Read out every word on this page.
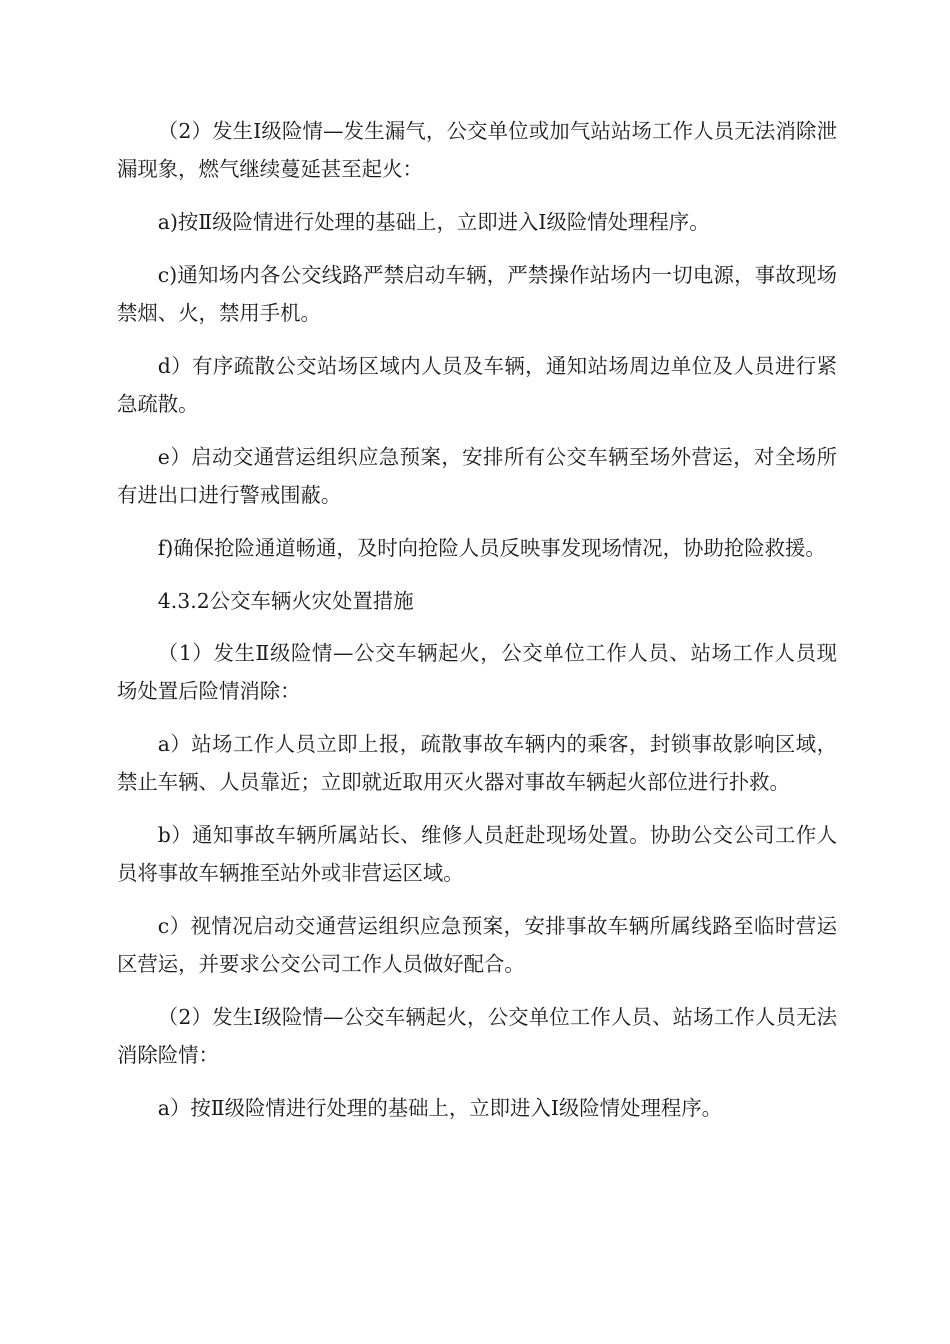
（2）发生Ⅰ级险情—发生漏气，公交单位或加气站站场工作人员无法消除泄漏现象，燃气继续蔓延甚至起火：

a)按Ⅱ级险情进行处理的基础上，立即进入Ⅰ级险情处理程序。

c)通知场内各公交线路严禁启动车辆，严禁操作站场内一切电源，事故现场禁烟、火，禁用手机。

d）有序疏散公交站场区域内人员及车辆，通知站场周边单位及人员进行紧急疏散。

e）启动交通营运组织应急预案，安排所有公交车辆至场外营运，对全场所有进出口进行警戒围蔽。

f)确保抢险通道畅通，及时向抢险人员反映事发现场情况，协助抢险救援。

4.3.2公交车辆火灾处置措施

（1）发生Ⅱ级险情—公交车辆起火，公交单位工作人员、站场工作人员现场处置后险情消除：

a）站场工作人员立即上报，疏散事故车辆内的乘客，封锁事故影响区域，禁止车辆、人员靠近；立即就近取用灭火器对事故车辆起火部位进行扑救。

b）通知事故车辆所属站长、维修人员赶赴现场处置。协助公交公司工作人员将事故车辆推至站外或非营运区域。

c）视情况启动交通营运组织应急预案，安排事故车辆所属线路至临时营运区营运，并要求公交公司工作人员做好配合。

（2）发生Ⅰ级险情—公交车辆起火，公交单位工作人员、站场工作人员无法消除险情：

a）按Ⅱ级险情进行处理的基础上，立即进入Ⅰ级险情处理程序。
